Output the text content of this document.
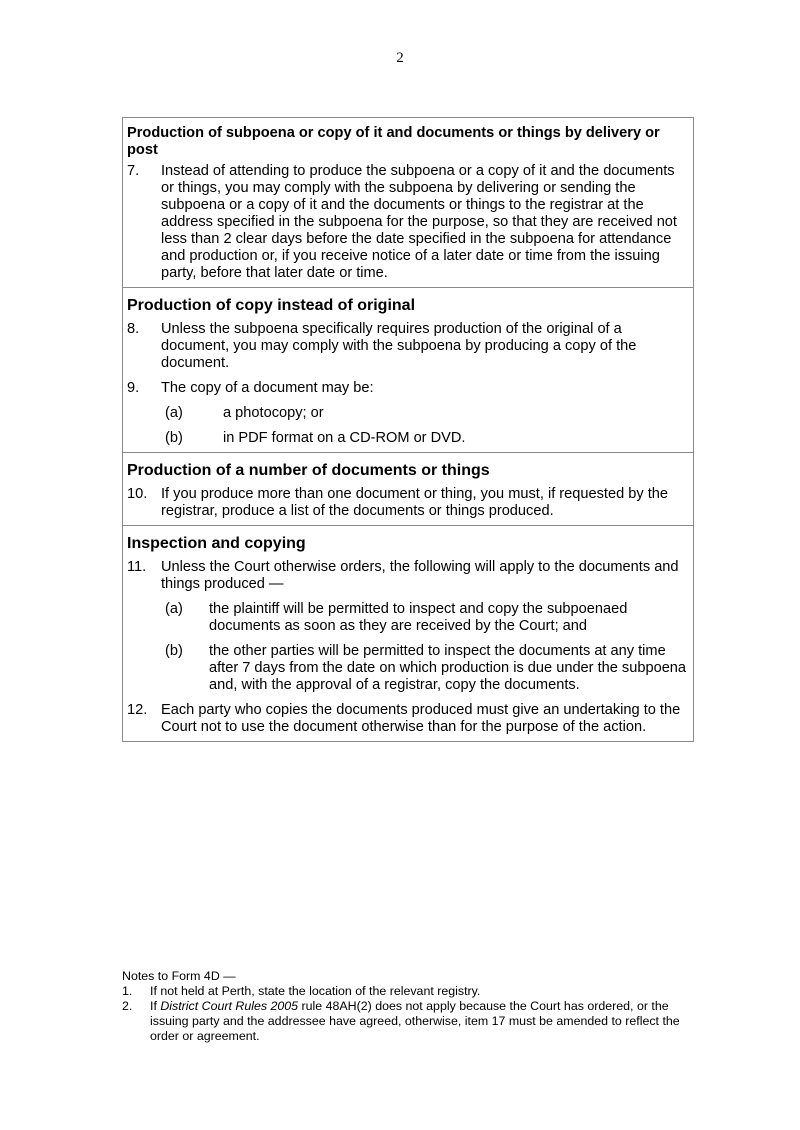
2
Production of subpoena or copy of it and documents or things by delivery or post
7.	Instead of attending to produce the subpoena or a copy of it and the documents or things, you may comply with the subpoena by delivering or sending the subpoena or a copy of it and the documents or things to the registrar at the address specified in the subpoena for the purpose, so that they are received not less than 2 clear days before the date specified in the subpoena for attendance and production or, if you receive notice of a later date or time from the issuing party, before that later date or time.
Production of copy instead of original
8.	Unless the subpoena specifically requires production of the original of a document, you may comply with the subpoena by producing a copy of the document.
9.	The copy of a document may be:
(a)	a photocopy; or
(b)	in PDF format on a CD-ROM or DVD.
Production of a number of documents or things
10. If you produce more than one document or thing, you must, if requested by the registrar, produce a list of the documents or things produced.
Inspection and copying
11.	Unless the Court otherwise orders, the following will apply to the documents and things produced —
(a)	the plaintiff will be permitted to inspect and copy the subpoenaed documents as soon as they are received by the Court; and
(b)	the other parties will be permitted to inspect the documents at any time after 7 days from the date on which production is due under the subpoena and, with the approval of a registrar, copy the documents.
12. Each party who copies the documents produced must give an undertaking to the Court not to use the document otherwise than for the purpose of the action.
Notes to Form 4D —
1.	If not held at Perth, state the location of the relevant registry.
2.	If District Court Rules 2005 rule 48AH(2) does not apply because the Court has ordered, or the issuing party and the addressee have agreed, otherwise, item 17 must be amended to reflect the order or agreement.
